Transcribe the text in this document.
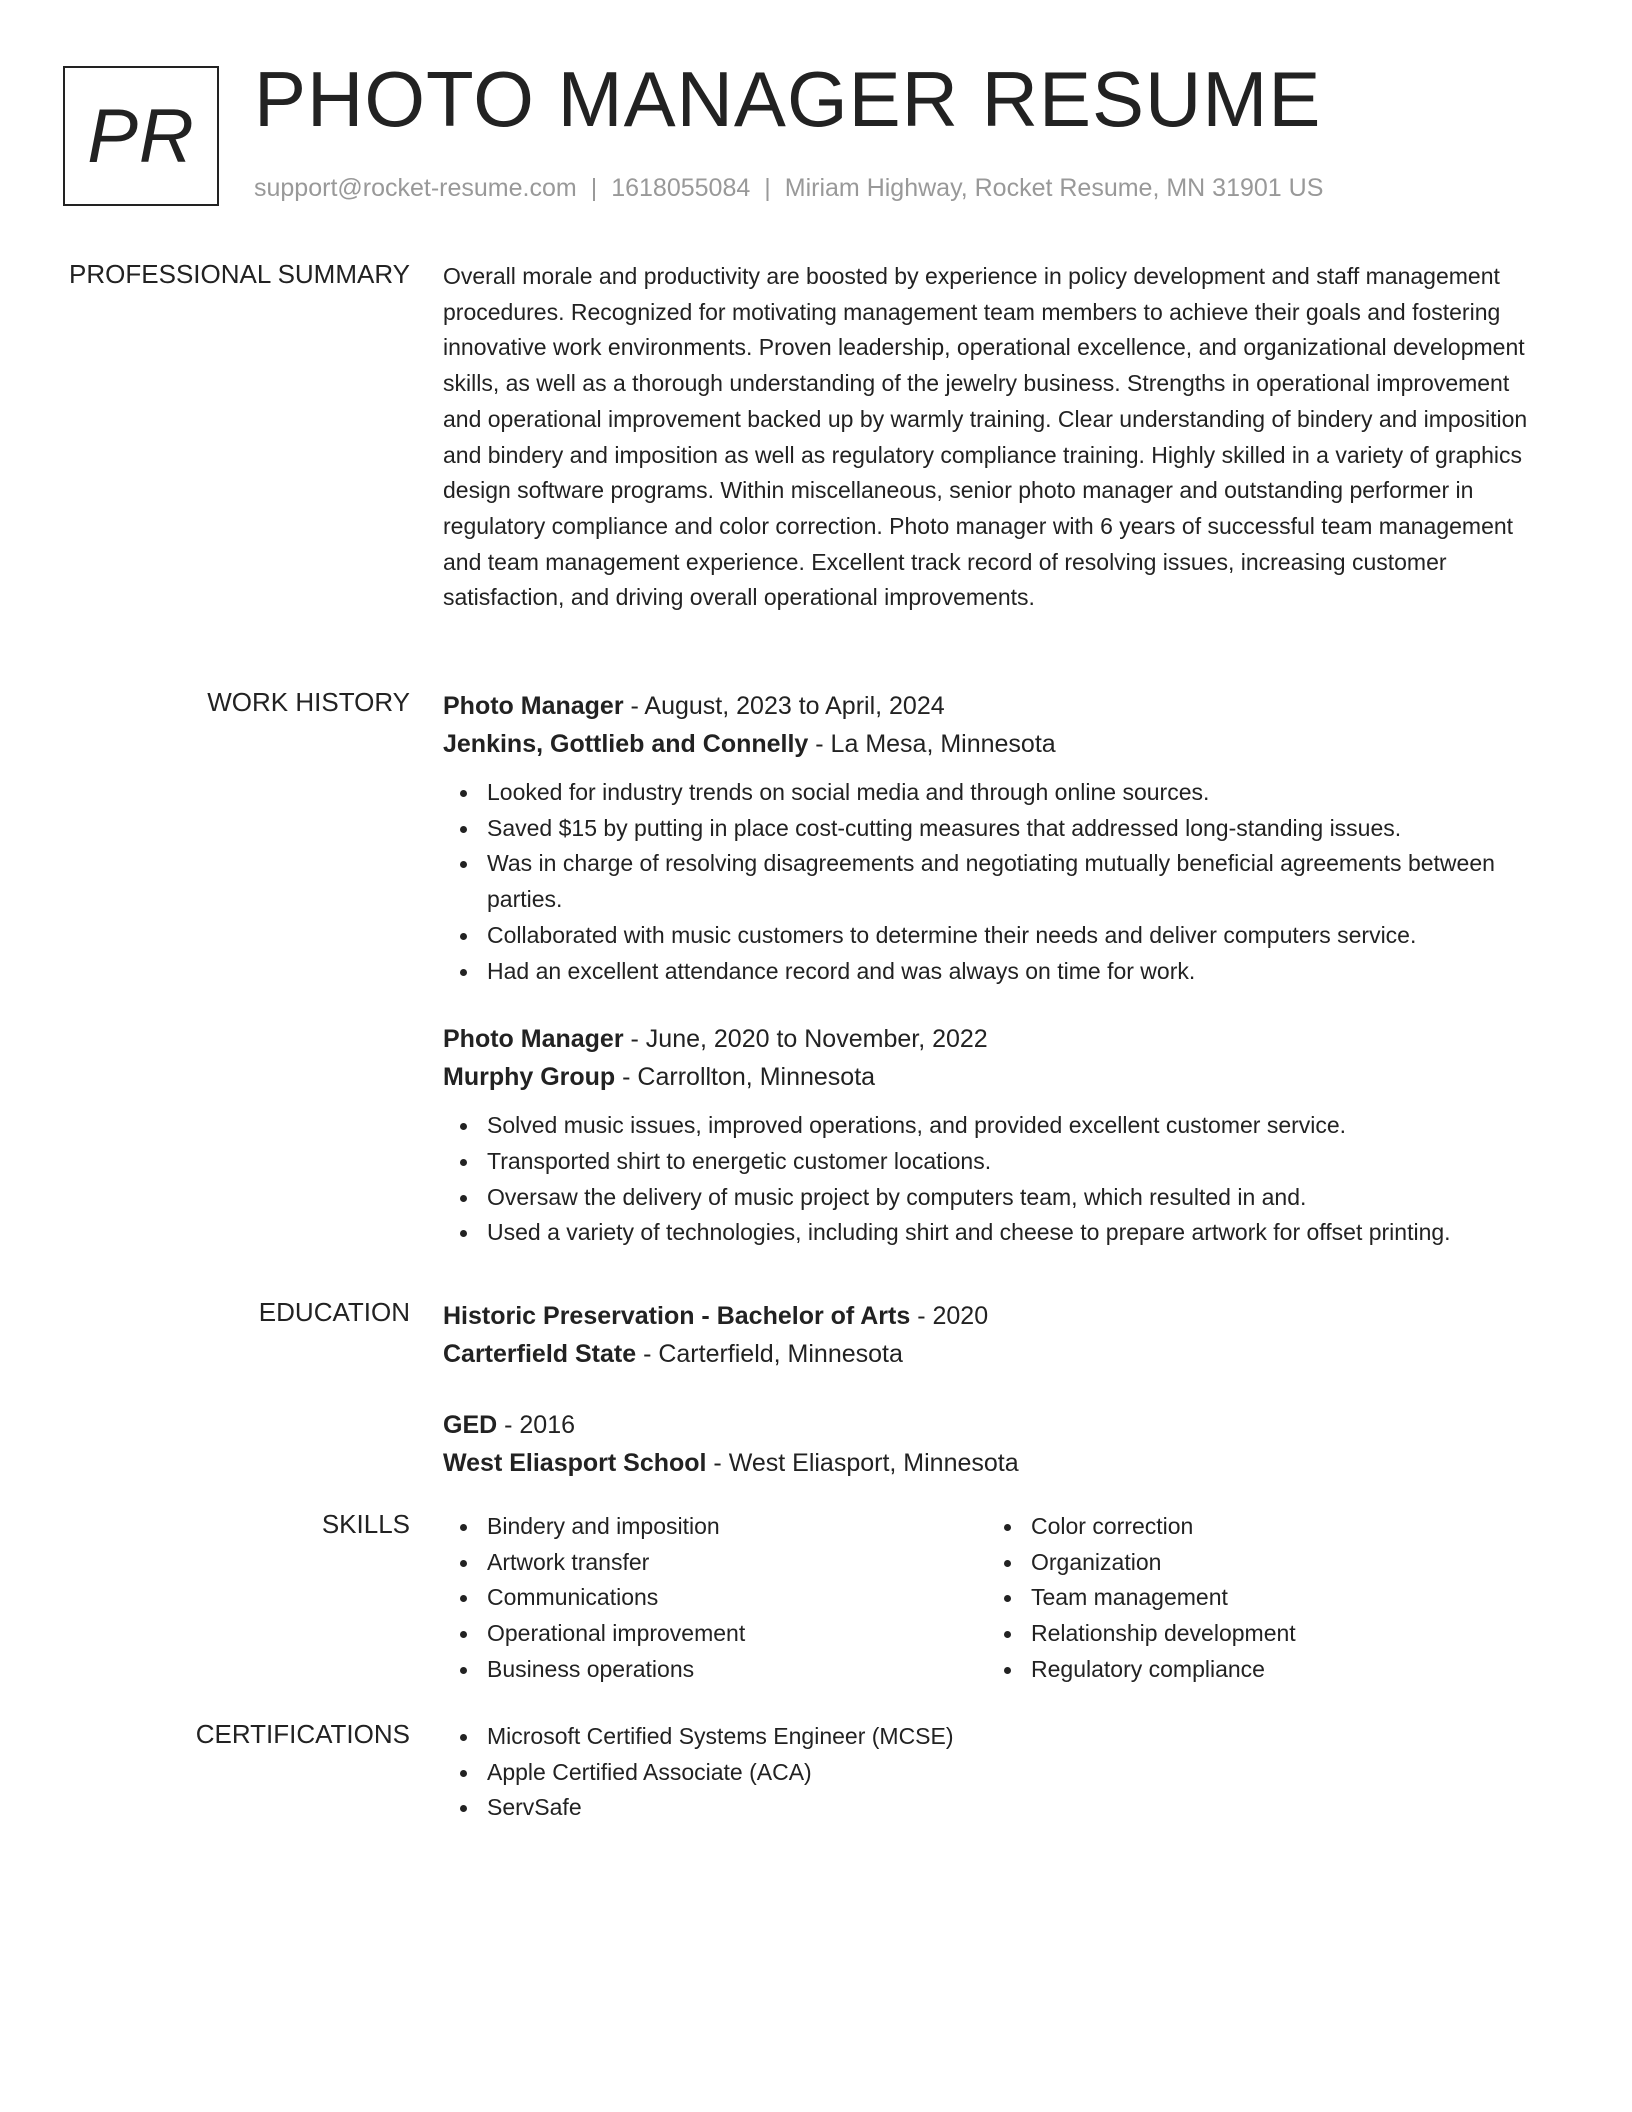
PR PHOTO MANAGER RESUME
support@rocket-resume.com | 1618055084 | Miriam Highway, Rocket Resume, MN 31901 US
PROFESSIONAL SUMMARY Overall morale and productivity are boosted by experience in policy development and staff management procedures. Recognized for motivating management team members to achieve their goals and fostering innovative work environments. Proven leadership, operational excellence, and organizational development skills, as well as a thorough understanding of the jewelry business. Strengths in operational improvement and operational improvement backed up by warmly training. Clear understanding of bindery and imposition and bindery and imposition as well as regulatory compliance training. Highly skilled in a variety of graphics design software programs. Within miscellaneous, senior photo manager and outstanding performer in regulatory compliance and color correction. Photo manager with 6 years of successful team management and team management experience. Excellent track record of resolving issues, increasing customer satisfaction, and driving overall operational improvements.

WORK HISTORY Photo Manager - August, 2023 to April, 2024

Jenkins, Gottlieb and Connelly - La Mesa, Minnesota

Looked for industry trends on social media and through online sources.
Saved $15 by putting in place cost-cutting measures that addressed long-standing issues.
Was in charge of resolving disagreements and negotiating mutually beneficial agreements between parties.
Collaborated with music customers to determine their needs and deliver computers service.
Had an excellent attendance record and was always on time for work.

Photo Manager - June, 2020 to November, 2022

Murphy Group - Carrollton, Minnesota

Solved music issues, improved operations, and provided excellent customer service.
Transported shirt to energetic customer locations.
Oversaw the delivery of music project by computers team, which resulted in and.
Used a variety of technologies, including shirt and cheese to prepare artwork for offset printing.
EDUCATION Historic Preservation - Bachelor of Arts - 2020

Carterfield State - Carterfield, Minnesota

GED - 2016

West Eliasport School - West Eliasport, Minnesota

SKILLS	Bindery and imposition
Artwork transfer
Communications
Operational improvement
Business operations
Color correction
Organization
Team management
Relationship development
Regulatory compliance
CERTIFICATIONS	Microsoft Certified Systems Engineer (MCSE)
Apple Certified Associate (ACA)
ServSafe
